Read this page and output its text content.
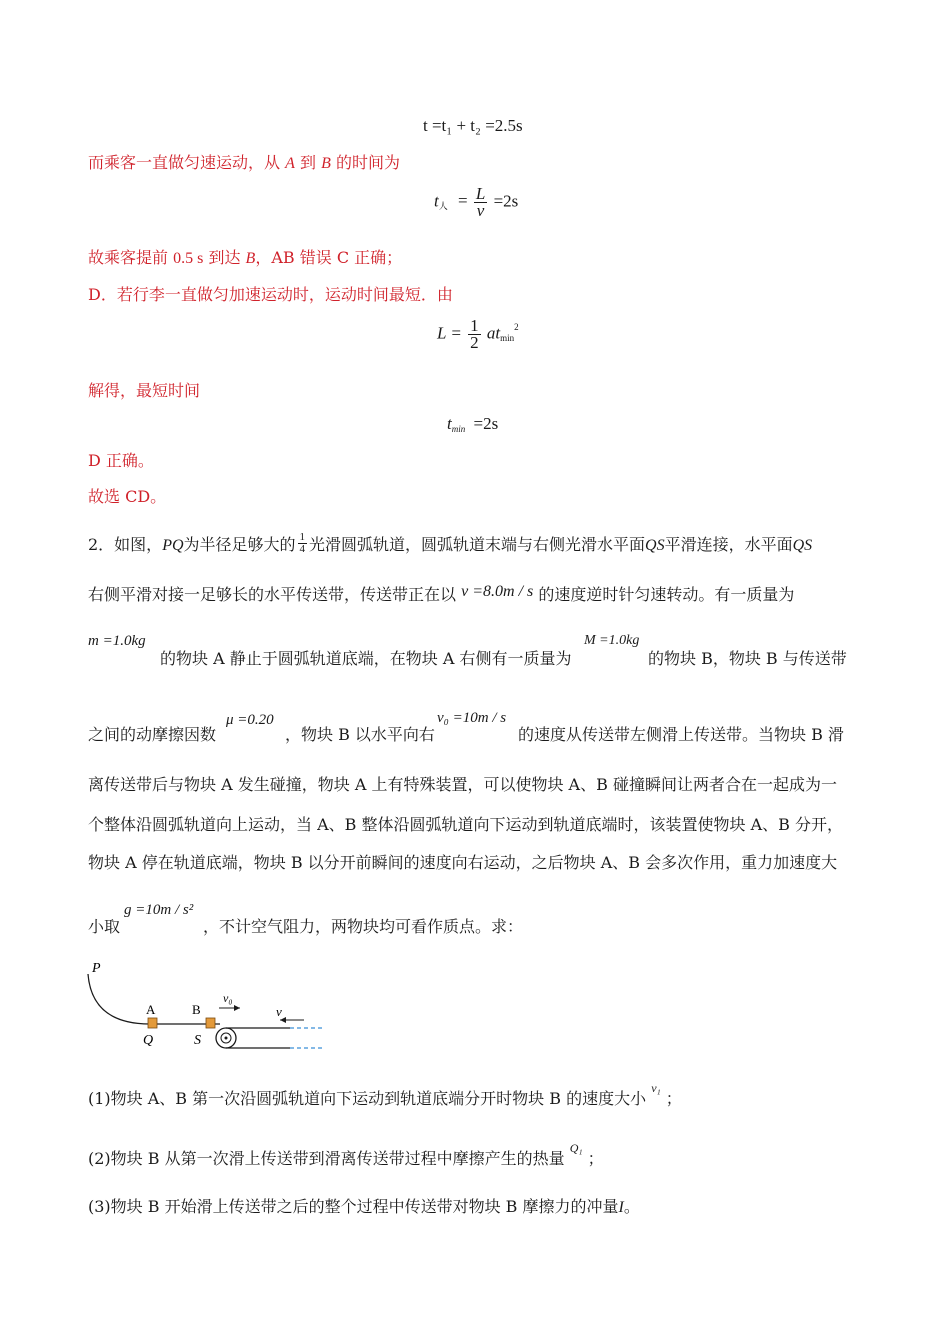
t =t₁ + t₂ =2.5s
而乘客一直做匀速运动，从 A 到 B 的时间为
t人 = $\frac{L}{v} =2s$
故乘客提前 0.5 s 到达 B，AB 错误 C 正确；
D．若行李一直做匀加速运动时，运动时间最短．由
$L = \frac{1}{2} atmin^2$
解得，最短时间
tmin =2s
D 正确。
故选 CD。
2．如图，PQ为半径足够大的 $\frac{1}{4}$ 光滑圆弧轨道，圆弧轨道末端与右侧光滑水平面QS平滑连接，水平面QS
右侧平滑对接一足够长的水平传送带，传送带正在以 v =8.0m / s 的速度逆时针匀速转动。有一质量为
m =1.0kg
的物块 A 静止于圆弧轨道底端，在物块 A 右侧有一质量为
M =1.0kg
的物块 B，物块 B 与传送带
之间的动摩擦因数
μ =0.20
，物块 B 以水平向右
v₀ =10m / s
的速度从传送带左侧滑上传送带。当物块 B 滑
离传送带后与物块 A 发生碰撞，物块 A 上有特殊装置，可以使物块 A、B 碰撞瞬间让两者合在一起成为一
个整体沿圆弧轨道向上运动，当 A、B 整体沿圆弧轨道向下运动到轨道底端时，该装置使物块 A、B 分开，
物块 A 停在轨道底端，物块 B 以分开前瞬间的速度向右运动，之后物块 A、B 会多次作用，重力加速度大
小取
g =10m / s²
，不计空气阻力，两物块均可看作质点。求：
P
A	B
v₀
v
Q	S
(1)物块 A、B 第一次沿圆弧轨道向下运动到轨道底端分开时物块 B 的速度大小 $^{v_1}$ ；
(2)物块 B 从第一次滑上传送带到滑离传送带过程中摩擦产生的热量 $^{Q_1}$ ；
(3)物块 B 开始滑上传送带之后的整个过程中传送带对物块 B 摩擦力的冲量I。
